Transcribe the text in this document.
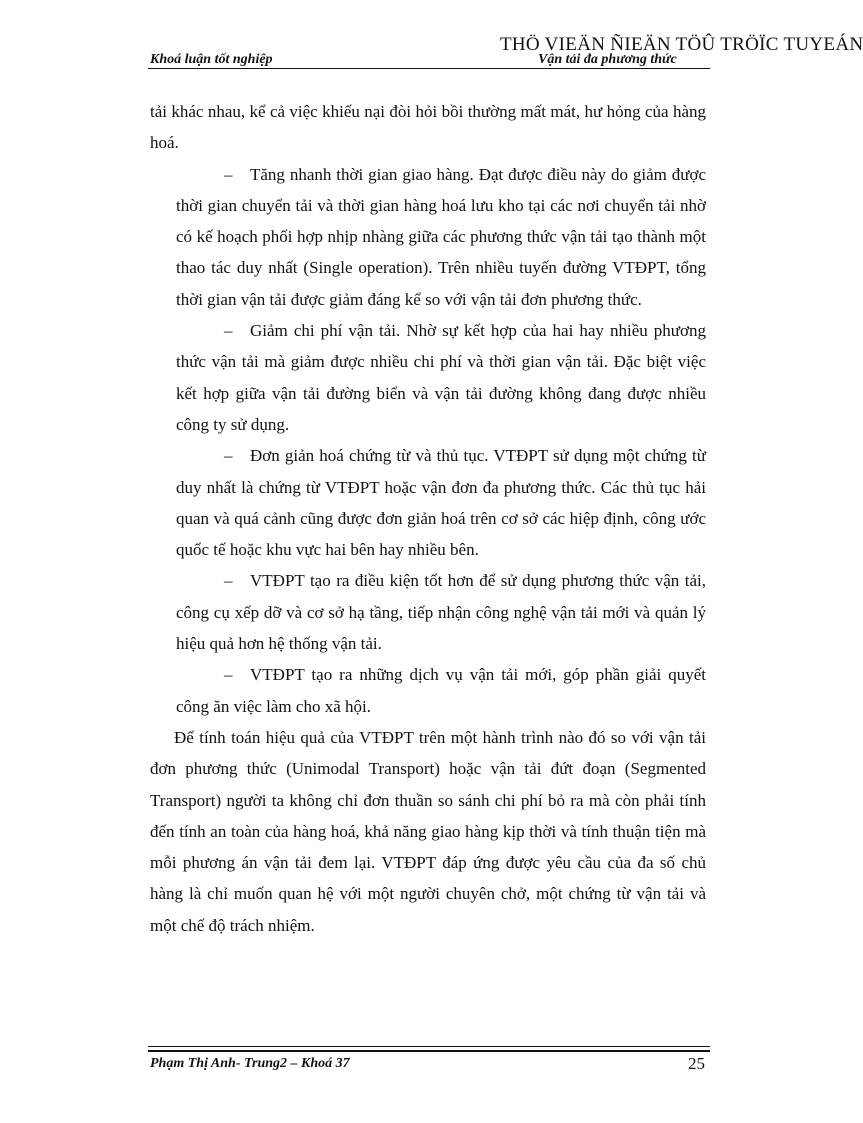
THÖ VIEÄN ÑIEÄN TÖÛ TRÖÏC TUYEÁN
Khoá luận tốt nghiệp	Vận tải đa phương thức

tải khác nhau, kể cả việc khiếu nại đòi hỏi bồi thường mất mát, hư hỏng của hàng hoá.

– Tăng nhanh thời gian giao hàng. Đạt được điều này do giảm được thời gian chuyển tải và thời gian hàng hoá lưu kho tại các nơi chuyển tải nhờ có kế hoạch phối hợp nhịp nhàng giữa các phương thức vận tải tạo thành một thao tác duy nhất (Single operation). Trên nhiều tuyến đường VTĐPT, tổng thời gian vận tải được giảm đáng kể so với vận tải đơn phương thức.

– Giảm chi phí vận tải. Nhờ sự kết hợp của hai hay nhiều phương thức vận tải mà giảm được nhiều chi phí và thời gian vận tải. Đặc biệt việc kết hợp giữa vận tải đường biển và vận tải đường không đang được nhiều công ty sử dụng.

– Đơn giản hoá chứng từ và thủ tục. VTĐPT sử dụng một chứng từ duy nhất là chứng từ VTĐPT hoặc vận đơn đa phương thức. Các thủ tục hải quan và quá cảnh cũng được đơn giản hoá trên cơ sở các hiệp định, công ước quốc tế hoặc khu vực hai bên hay nhiều bên.

– VTĐPT tạo ra điều kiện tốt hơn để sử dụng phương thức vận tải, công cụ xếp dỡ và cơ sở hạ tầng, tiếp nhận công nghệ vận tải mới và quản lý hiệu quả hơn hệ thống vận tải.

– VTĐPT tạo ra những dịch vụ vận tải mới, góp phần giải quyết công ăn việc làm cho xã hội.

Để tính toán hiệu quả của VTĐPT trên một hành trình nào đó so với vận tải đơn phương thức (Unimodal Transport) hoặc vận tải đứt đoạn (Segmented Transport) người ta không chỉ đơn thuần so sánh chi phí bỏ ra mà còn phải tính đến tính an toàn của hàng hoá, khả năng giao hàng kịp thời và tính thuận tiện mà mỗi phương án vận tải đem lại. VTĐPT đáp ứng được yêu cầu của đa số chủ hàng là chỉ muốn quan hệ với một người chuyên chở, một chứng từ vận tải và một chế độ trách nhiệm.

Phạm Thị Anh- Trung2 – Khoá 37	25
